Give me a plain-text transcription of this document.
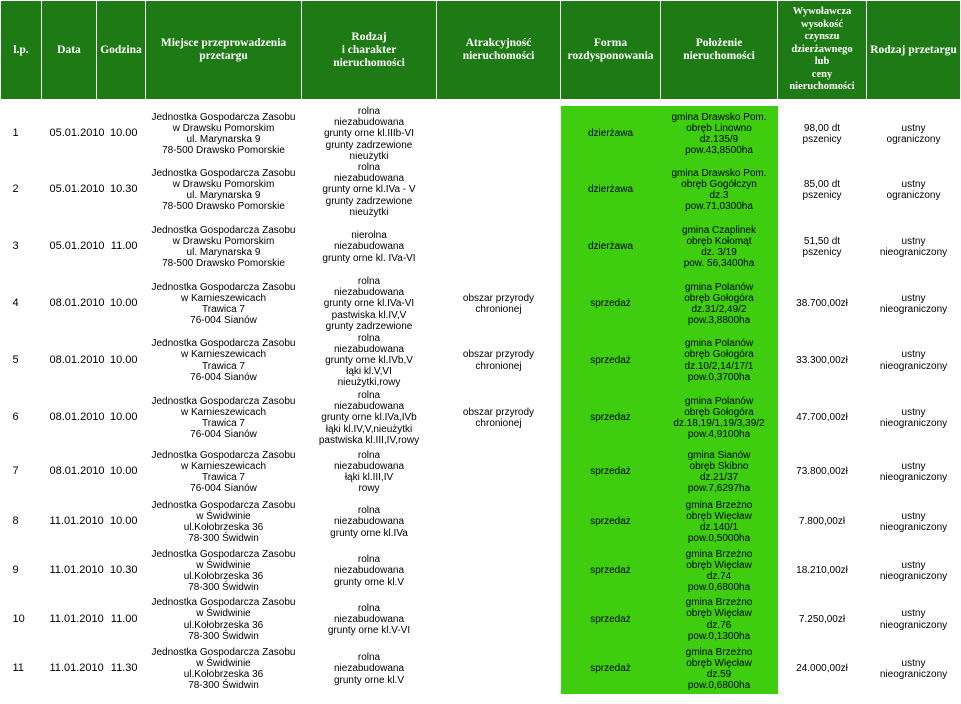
l.p.	Data	Godzina	Miejsce przeprowadzenia przetargu	Rodzaj
i charakter
nieruchomości	Atrakcyjność nieruchomości	Forma rozdysponowania	Położenie nieruchomości	Wywoławcza
wysokość
czynszu dzierżawnego
lub
ceny nieruchomości	Rodzaj przetargu

1	05.01.2010	10.00	Jednostka Gospodarcza Zasobu
w Drawsku Pomorskim
ul. Marynarska 9
78-500 Drawsko Pomorskie	rolna
niezabudowana
grunty orne kl.IIIb-VI
grunty zadrzewione
nieużytki		dzierżawa	gmina Drawsko Pom.
obręb Linowno
dz.135/9
pow.43,8500ha	98,00 dt
pszenicy	ustny
ograniczony
2	05.01.2010	10.30	Jednostka Gospodarcza Zasobu
w Drawsku Pomorskim
ul. Marynarska 9
78-500 Drawsko Pomorskie	rolna
niezabudowana
grunty orne kl.IVa - V
grunty zadrzewione
nieużytki		dzierżawa	gmina Drawsko Pom.
obręb Gogółczyn
dz.3
pow.71,0300ha	85,00 dt
pszenicy	ustny
ograniczony
3	05.01.2010	11.00	Jednostka Gospodarcza Zasobu
w Drawsku Pomorskim
ul. Marynarska 9
78-500 Drawsko Pomorskie	nierolna
niezabudowana
grunty orne kl. IVa-VI		dzierżawa	gmina Czaplinek
obręb Kołomąt
dz. 3/19
pow. 56,3400ha	51,50 dt
pszenicy	ustny
nieograniczony
4	08.01.2010	10.00	Jednostka Gospodarcza Zasobu
w Karnieszewicach
Trawica 7
76-004 Sianów	rolna
niezabudowana
grunty orne kl.IVa-VI
pastwiska kl.IV,V
grunty zadrzewione	obszar przyrody
chronionej	sprzedaż	gmina Polanów
obręb Gołogóra
dz.31/2,49/2
pow.3,8800ha	38.700,00zł	ustny
nieograniczony
5	08.01.2010	10.00	Jednostka Gospodarcza Zasobu
w Karnieszewicach
Trawica 7
76-004 Sianów	rolna
niezabudowana
grunty orne kl.IVb,V
łąki kl.V,VI
nieużytki,rowy	obszar przyrody
chronionej	sprzedaż	gmina Polanów
obręb Gołogóra
dz.10/2,14/17/1
pow.0,3700ha	33.300,00zł	ustny
nieograniczony
6	08.01.2010	10.00	Jednostka Gospodarcza Zasobu
w Karnieszewicach
Trawica 7
76-004 Sianów	rolna
niezabudowana
grunty orne kl.IVa,IVb
łąki kl.IV,V,nieużytki
pastwiska kl.III,IV,rowy	obszar przyrody
chronionej	sprzedaż	gmina Polanów
obręb Gołogóra
dz.18,19/1,19/3,39/2
pow.4,9100ha	47.700,00zł	ustny
nieograniczony
7	08.01.2010	10.00	Jednostka Gospodarcza Zasobu
w Karnieszewicach
Trawica 7
76-004 Sianów	rolna
niezabudowana
łąki kl.III,IV
rowy		sprzedaż	gmina Sianów
obręb Skibno
dz.21/37
pow.7,6297ha	73.800,00zł	ustny
nieograniczony
8	11.01.2010	10.00	Jednostka Gospodarcza Zasobu
w Świdwinie
ul.Kołobrzeska 36
78-300 Świdwin	rolna
niezabudowana
grunty orne kl.IVa		sprzedaż	gmina Brzeżno
obręb Więcław
dz.140/1
pow.0,5000ha	7.800,00zł	ustny
nieograniczony
9	11.01.2010	10.30	Jednostka Gospodarcza Zasobu
w Świdwinie
ul.Kołobrzeska 36
78-300 Świdwin	rolna
niezabudowana
grunty orne kl.V		sprzedaż	gmina Brzeżno
obręb Więcław
dz.74
pow.0,6800ha	18.210,00zł	ustny
nieograniczony
10	11.01.2010	11.00	Jednostka Gospodarcza Zasobu
w Świdwinie
ul.Kołobrzeska 36
78-300 Świdwin	rolna
niezabudowana
grunty orne kl.V-VI		sprzedaż	gmina Brzeżno
obręb Więcław
dz.76
pow.0,1300ha	7.250,00zł	ustny
nieograniczony
11	11.01.2010	11.30	Jednostka Gospodarcza Zasobu
w Świdwinie
ul.Kołobrzeska 36
78-300 Świdwin	rolna
niezabudowana
grunty orne kl.V		sprzedaż	gmina Brzeżno
obręb Więcław
dz.59
pow.0,6800ha	24.000,00zł	ustny
nieograniczony
